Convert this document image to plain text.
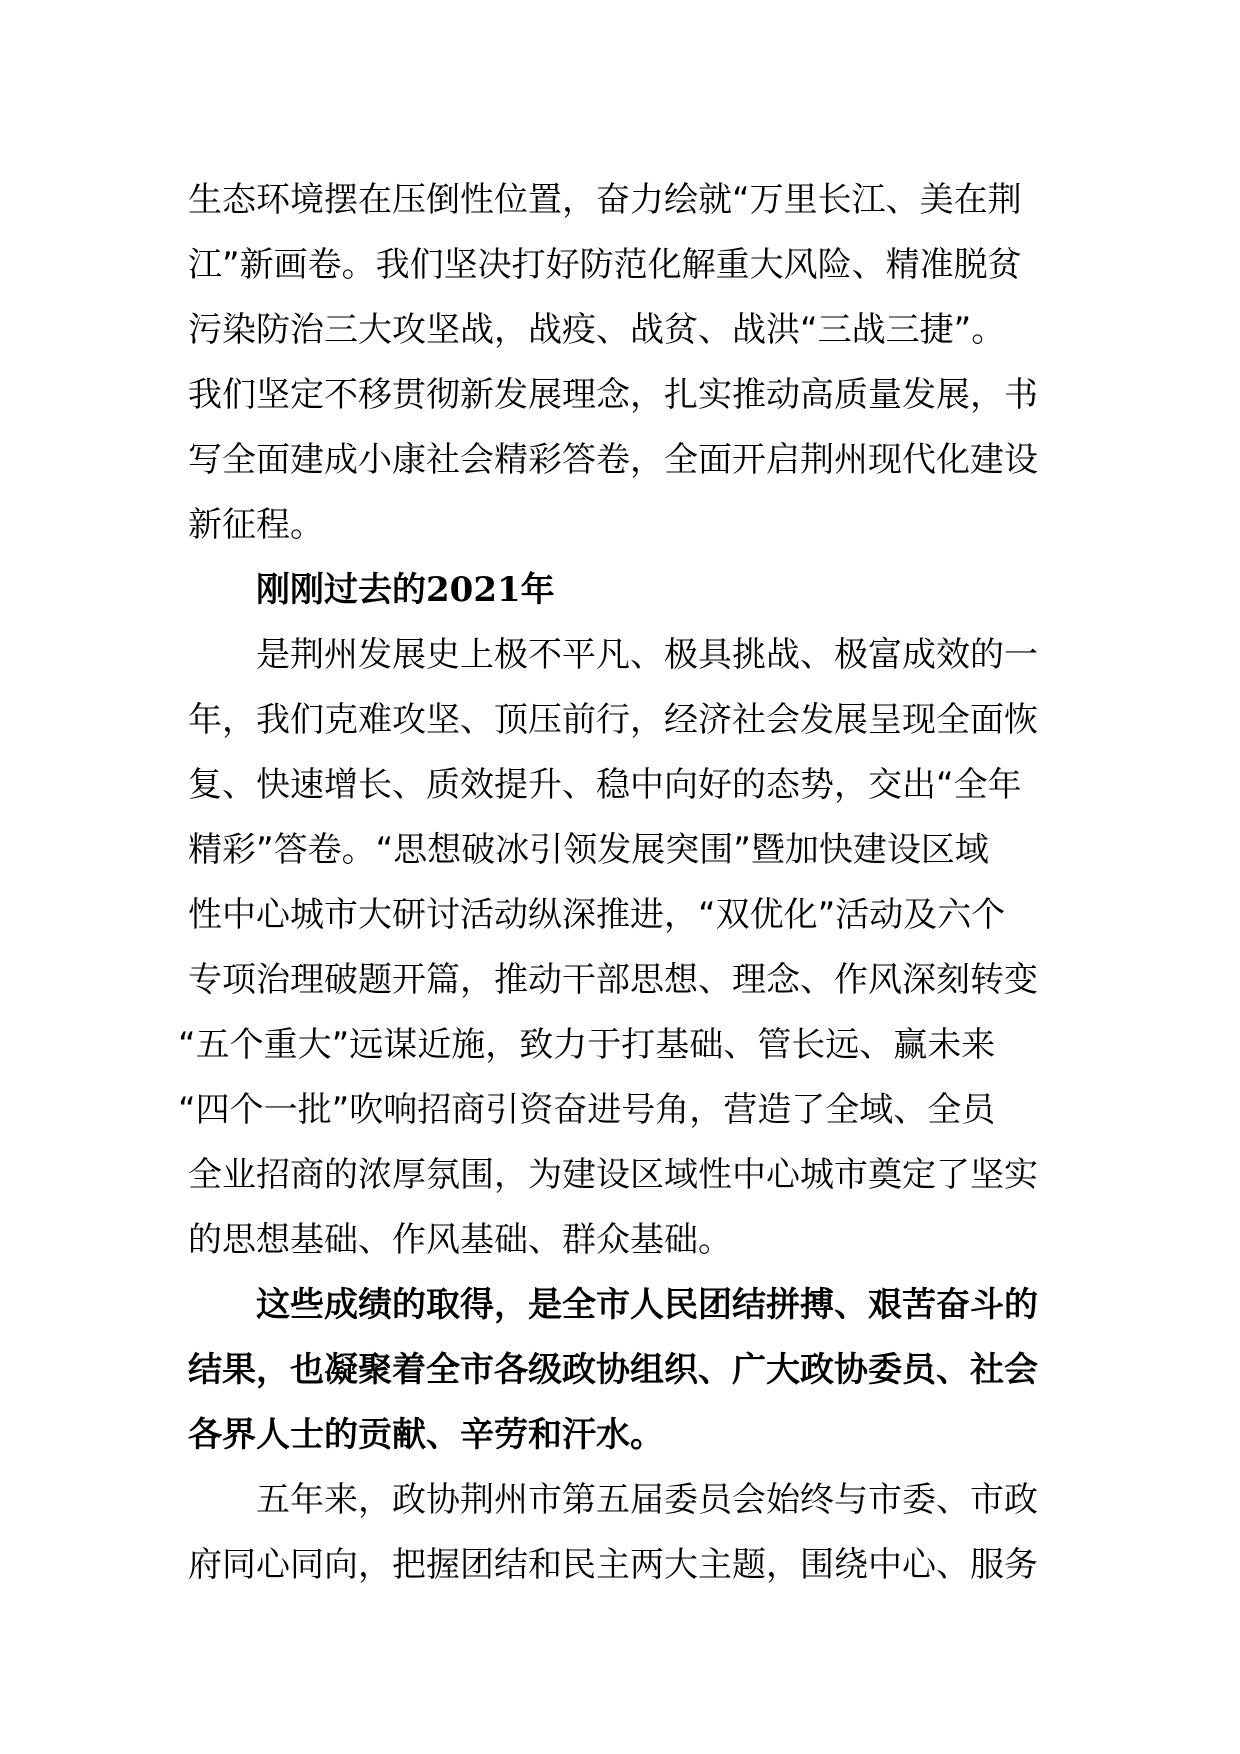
生态环境摆在压倒性位置，奋力绘就“万里长江、美在荆
江”新画卷。我们坚决打好防范化解重大风险、精准脱贫
污染防治三大攻坚战，战疫、战贫、战洪“三战三捷”。
我们坚定不移贯彻新发展理念，扎实推动高质量发展，书
写全面建成小康社会精彩答卷，全面开启荆州现代化建设
新征程。
刚刚过去的2021年
是荆州发展史上极不平凡、极具挑战、极富成效的一
年，我们克难攻坚、顶压前行，经济社会发展呈现全面恢
复、快速增长、质效提升、稳中向好的态势，交出“全年
精彩”答卷。“思想破冰引领发展突围”暨加快建设区域
性中心城市大研讨活动纵深推进，“双优化”活动及六个
专项治理破题开篇，推动干部思想、理念、作风深刻转变
“五个重大”远谋近施，致力于打基础、管长远、赢未来
“四个一批”吹响招商引资奋进号角，营造了全域、全员
全业招商的浓厚氛围，为建设区域性中心城市奠定了坚实
的思想基础、作风基础、群众基础。
这些成绩的取得，是全市人民团结拼搏、艰苦奋斗的
结果，也凝聚着全市各级政协组织、广大政协委员、社会
各界人士的贡献、辛劳和汗水。
五年来，政协荆州市第五届委员会始终与市委、市政
府同心同向，把握团结和民主两大主题，围绕中心、服务
